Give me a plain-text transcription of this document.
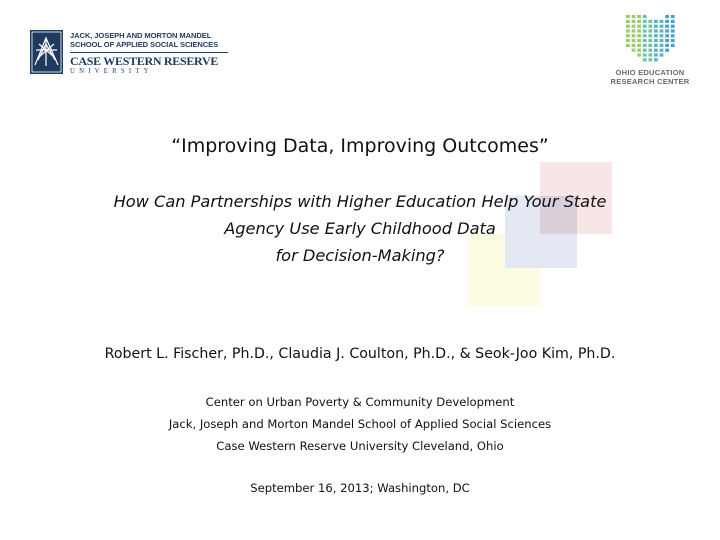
JACK, JOSEPH AND MORTON MANDEL
SCHOOL OF APPLIED SOCIAL SCIENCES
CASE WESTERN RESERVE
UNIVERSITY	OHIO EDUCATION
RESEARCH CENTER
“Improving Data, Improving Outcomes”
How Can Partnerships with Higher Education Help Your State
Agency Use Early Childhood Data
for Decision-Making?
Robert L. Fischer, Ph.D., Claudia J. Coulton, Ph.D., & Seok-Joo Kim, Ph.D.
Center on Urban Poverty & Community Development
Jack, Joseph and Morton Mandel School of Applied Social Sciences
Case Western Reserve University Cleveland, Ohio
September 16, 2013; Washington, DC
